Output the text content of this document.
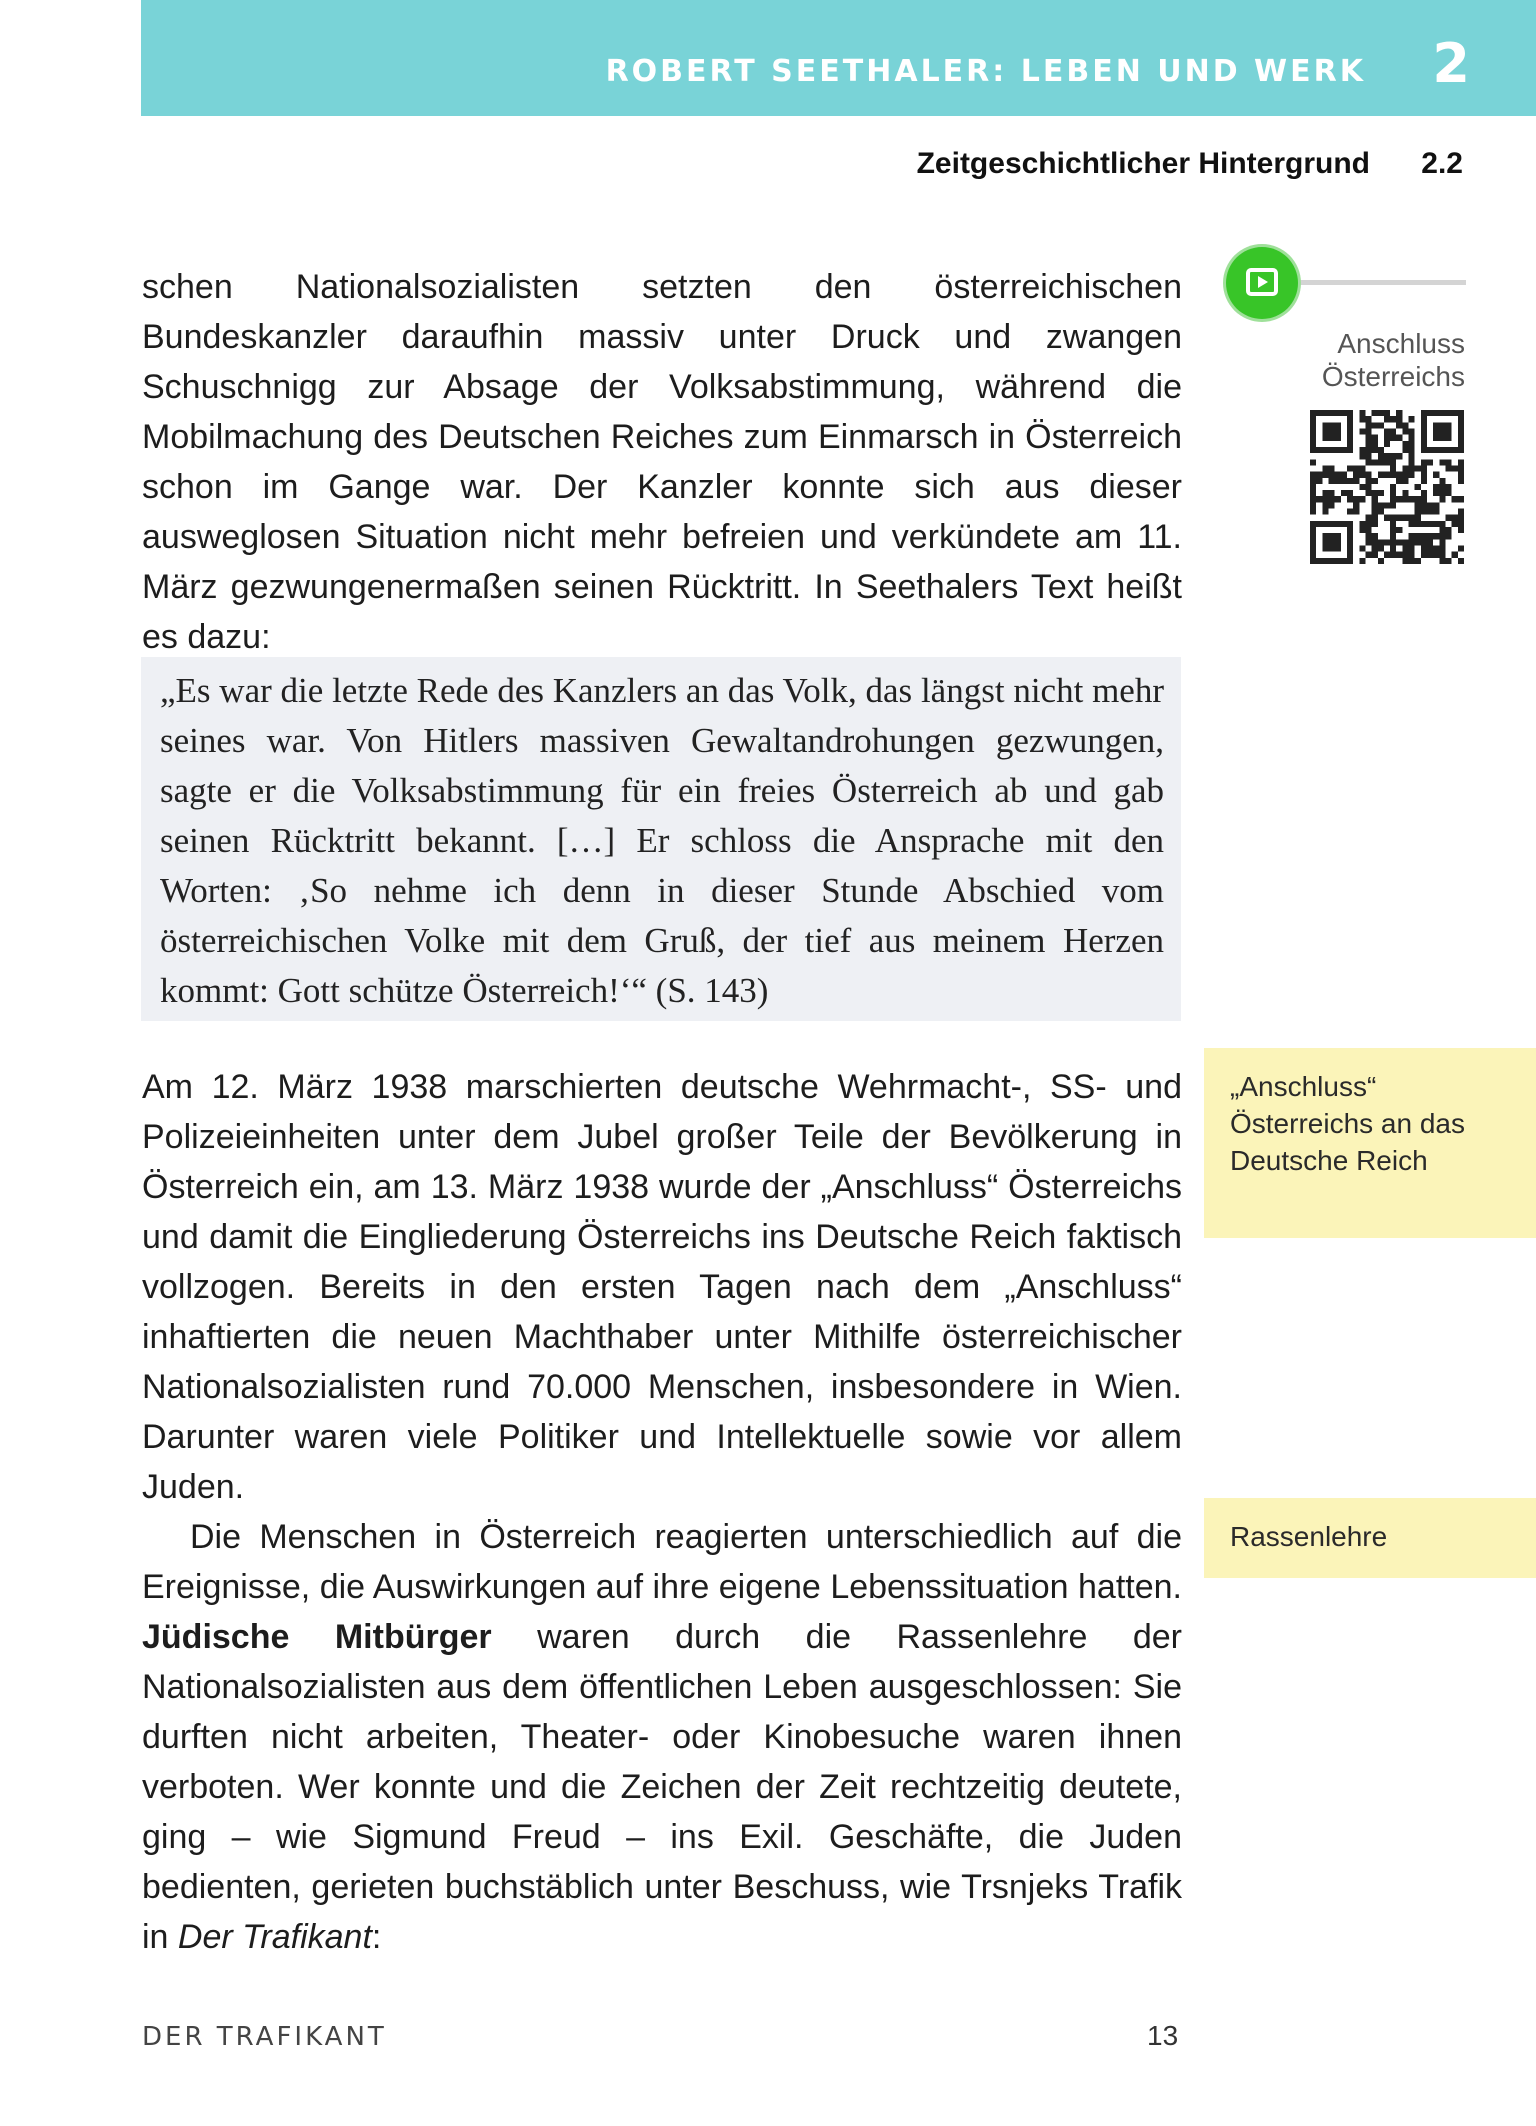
ROBERT SEETHALER: LEBEN UND WERK 2
Zeitgeschichtlicher Hintergrund 2.2

schen Nationalsozialisten setzten den österreichischen Bundeskanzler daraufhin massiv unter Druck und zwangen Schuschnigg zur Absage der Volksabstimmung, während die Mobilmachung des Deutschen Reiches zum Einmarsch in Österreich schon im Gange war. Der Kanzler konnte sich aus dieser ausweglosen Situation nicht mehr befreien und verkündete am 11. März gezwungenermaßen seinen Rücktritt. In Seethalers Text heißt es dazu:

„Es war die letzte Rede des Kanzlers an das Volk, das längst nicht mehr seines war. Von Hitlers massiven Gewaltandrohungen gezwungen, sagte er die Volksabstimmung für ein freies Österreich ab und gab seinen Rücktritt bekannt. […] Er schloss die Ansprache mit den Worten: ‚So nehme ich denn in dieser Stunde Abschied vom österreichischen Volke mit dem Gruß, der tief aus meinem Herzen kommt: Gott schütze Österreich!‘“ (S. 143)

Am 12. März 1938 marschierten deutsche Wehrmacht-, SS- und Polizeieinheiten unter dem Jubel großer Teile der Bevölkerung in Österreich ein, am 13. März 1938 wurde der „Anschluss“ Österreichs und damit die Eingliederung Österreichs ins Deutsche Reich faktisch vollzogen. Bereits in den ersten Tagen nach dem „Anschluss“ inhaftierten die neuen Machthaber unter Mithilfe österreichischer Nationalsozialisten rund 70.000 Menschen, insbesondere in Wien. Darunter waren viele Politiker und Intellektuelle sowie vor allem Juden.

Die Menschen in Österreich reagierten unterschiedlich auf die Ereignisse, die Auswirkungen auf ihre eigene Lebenssituation hatten. Jüdische Mitbürger waren durch die Rassenlehre der Nationalsozialisten aus dem öffentlichen Leben ausgeschlossen: Sie durften nicht arbeiten, Theater- oder Kinobesuche waren ihnen verboten. Wer konnte und die Zeichen der Zeit rechtzeitig deutete, ging – wie Sigmund Freud – ins Exil. Geschäfte, die Juden bedienten, gerieten buchstäblich unter Beschuss, wie Trsnjeks Trafik in Der Trafikant:

Anschluss Österreichs
„Anschluss“ Österreichs an das Deutsche Reich
Rassenlehre
DER TRAFIKANT	13
